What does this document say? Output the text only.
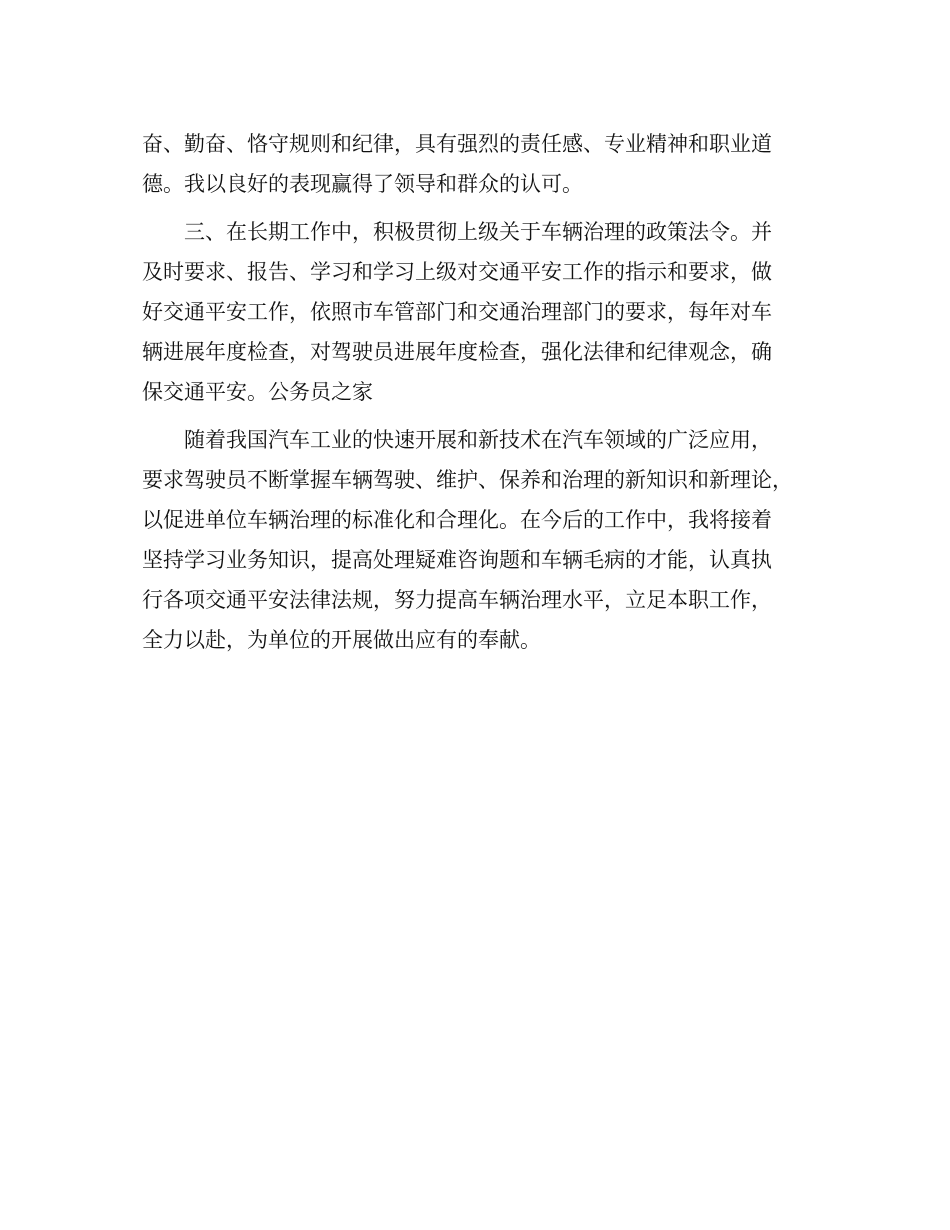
奋、勤奋、恪守规则和纪律，具有强烈的责任感、专业精神和职业道
德。我以良好的表现赢得了领导和群众的认可。
三、在长期工作中，积极贯彻上级关于车辆治理的政策法令。并
及时要求、报告、学习和学习上级对交通平安工作的指示和要求，做
好交通平安工作，依照市车管部门和交通治理部门的要求，每年对车
辆进展年度检查，对驾驶员进展年度检查，强化法律和纪律观念，确
保交通平安。公务员之家
随着我国汽车工业的快速开展和新技术在汽车领域的广泛应用，
要求驾驶员不断掌握车辆驾驶、维护、保养和治理的新知识和新理论，
以促进单位车辆治理的标准化和合理化。在今后的工作中，我将接着
坚持学习业务知识，提高处理疑难咨询题和车辆毛病的才能，认真执
行各项交通平安法律法规，努力提高车辆治理水平，立足本职工作，
全力以赴，为单位的开展做出应有的奉献。
